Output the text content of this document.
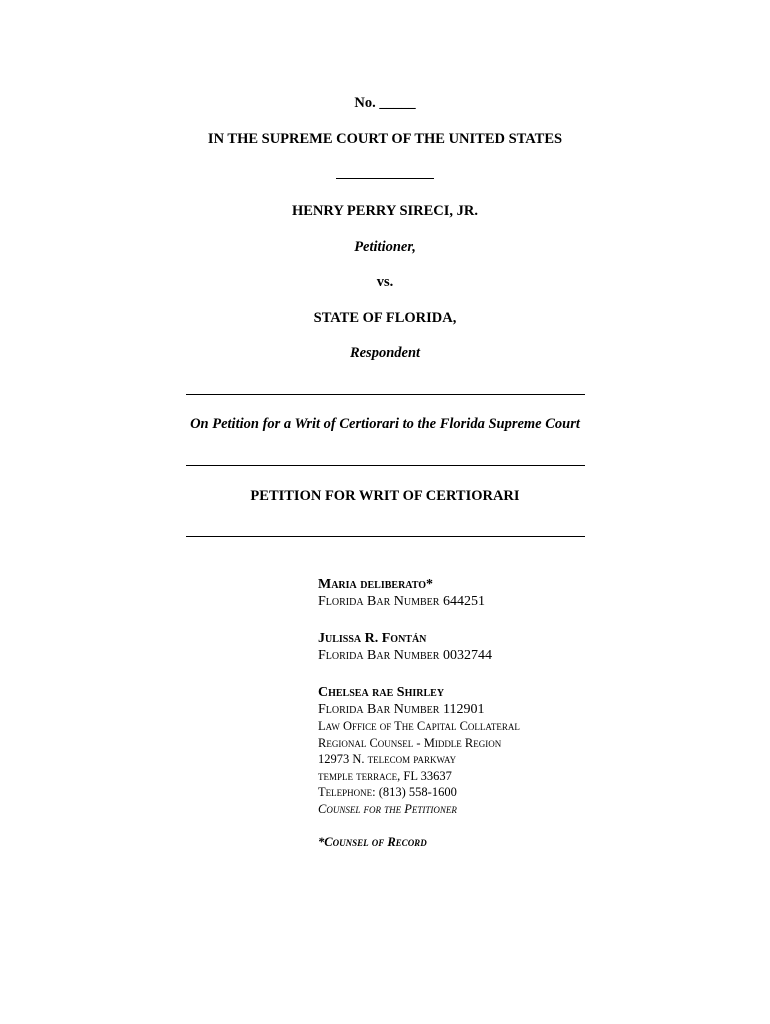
No. _____
IN THE SUPREME COURT OF THE UNITED STATES
HENRY PERRY SIRECI, JR.
Petitioner,
vs.
STATE OF FLORIDA,
Respondent
On Petition for a Writ of Certiorari to the Florida Supreme Court
PETITION FOR WRIT OF CERTIORARI
Maria deliberato*
Florida Bar Number 644251
Julissa R. Fontán
Florida Bar Number 0032744
Chelsea rae Shirley
Florida Bar Number 112901
Law Office of The Capital Collateral
Regional Counsel - Middle Region
12973 N. telecom parkway
temple terrace, FL 33637
Telephone: (813) 558-1600
Counsel for the Petitioner
*Counsel of Record
